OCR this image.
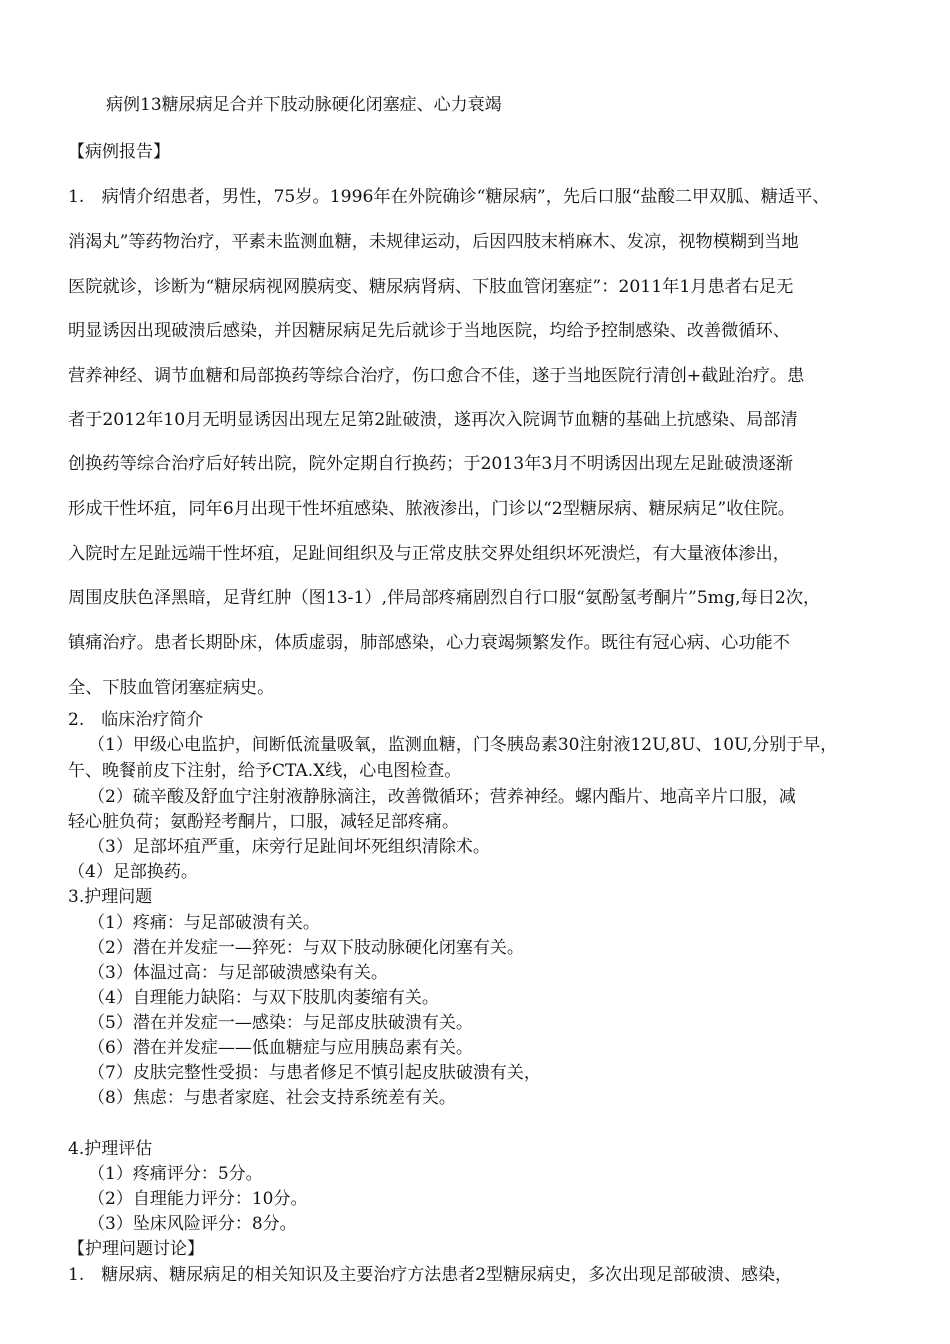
病例13糖尿病足合并下肢动脉硬化闭塞症、心力衰竭
【病例报告】
1.　病情介绍患者，男性，75岁。1996年在外院确诊“糖尿病”，先后口服“盐酸二甲双胍、糖适平、
消渴丸”等药物治疗，平素未监测血糖，未规律运动，后因四肢末梢麻木、发凉，视物模糊到当地
医院就诊，诊断为“糖尿病视网膜病变、糖尿病肾病、下肢血管闭塞症”：2011年1月患者右足无
明显诱因出现破溃后感染，并因糖尿病足先后就诊于当地医院，均给予控制感染、改善微循环、
营养神经、调节血糖和局部换药等综合治疗，伤口愈合不佳，遂于当地医院行清创+截趾治疗。患
者于2012年10月无明显诱因出现左足第2趾破溃，遂再次入院调节血糖的基础上抗感染、局部清
创换药等综合治疗后好转出院，院外定期自行换药；于2013年3月不明诱因出现左足趾破溃逐渐
形成干性坏疽，同年6月出现干性坏疽感染、脓液渗出，门诊以“2型糖尿病、糖尿病足”收住院。
入院时左足趾远端干性坏疽，足趾间组织及与正常皮肤交界处组织坏死溃烂，有大量液体渗出，
周围皮肤色泽黑暗，足背红肿（图13-1）,伴局部疼痛剧烈自行口服“氨酚氢考酮片”5mg,每日2次，
镇痛治疗。患者长期卧床，体质虚弱，肺部感染，心力衰竭频繁发作。既往有冠心病、心功能不
全、下肢血管闭塞症病史。
2.　临床治疗简介
（1）甲级心电监护，间断低流量吸氧，监测血糖，门冬胰岛素30注射液12U,8U、10U,分别于早，
午、晚餐前皮下注射，给予CTA.X线，心电图检查。
（2）硫辛酸及舒血宁注射液静脉滴注，改善微循环；营养神经。螺内酯片、地高辛片口服，减
轻心脏负荷；氨酚羟考酮片，口服，减轻足部疼痛。
（3）足部坏疽严重，床旁行足趾间坏死组织清除术。
（4）足部换药。
3.护理问题
（1）疼痛：与足部破溃有关。
（2）潜在并发症一—猝死：与双下肢动脉硬化闭塞有关。
（3）体温过高：与足部破溃感染有关。
（4）自理能力缺陷：与双下肢肌肉萎缩有关。
（5）潜在并发症一—感染：与足部皮肤破溃有关。
（6）潜在并发症——低血糖症与应用胰岛素有关。
（7）皮肤完整性受损：与患者修足不慎引起皮肤破溃有关，
（8）焦虑：与患者家庭、社会支持系统差有关。
4.护理评估
（1）疼痛评分：5分。
（2）自理能力评分：10分。
（3）坠床风险评分：8分。
【护理问题讨论】
1.　糖尿病、糖尿病足的相关知识及主要治疗方法患者2型糖尿病史，多次出现足部破溃、感染，
